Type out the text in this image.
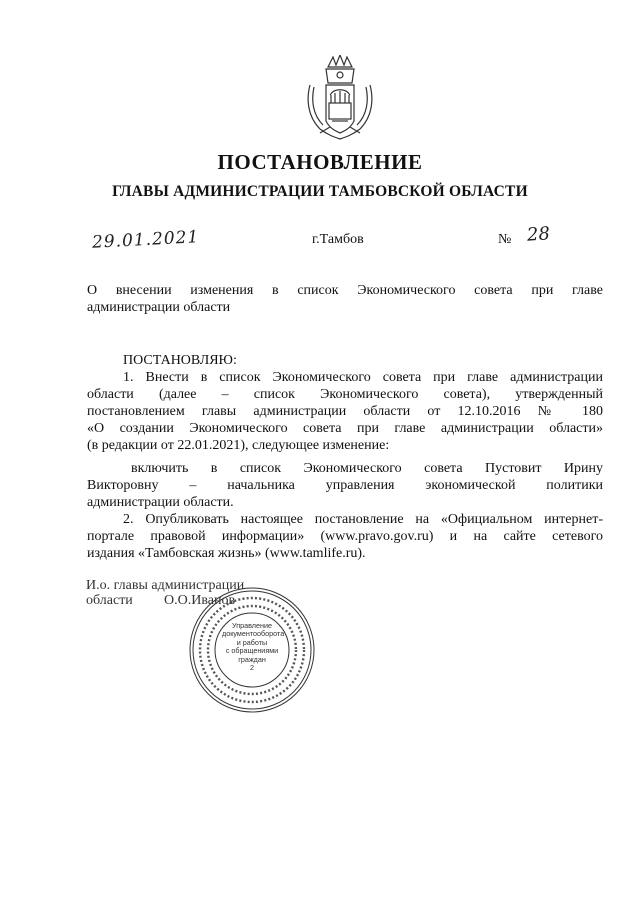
ПОСТАНОВЛЕНИЕ
ГЛАВЫ АДМИНИСТРАЦИИ ТАМБОВСКОЙ ОБЛАСТИ
29.01.2021	г.Тамбов	№ 28
О внесении изменения в список Экономического совета при главе
администрации области
ПОСТАНОВЛЯЮ:
1. Внести в список Экономического совета при главе администрации
области (далее – список Экономического совета), утвержденный
постановлением главы администрации области от 12.10.2016 № 180
«О создании Экономического совета при главе администрации области»
(в редакции от 22.01.2021), следующее изменение:
включить в список Экономического совета Пустовит Ирину
Викторовну – начальника управления экономической политики
администрации области.
2. Опубликовать настоящее постановление на «Официальном интернет-
портале правовой информации» (www.pravo.gov.ru) и на сайте сетевого
издания «Тамбовская жизнь» (www.tamlife.ru).
И.о. главы администрации
области О.О.Иванов
Управление
документооборота
и работы
с обращениями
граждан
2
